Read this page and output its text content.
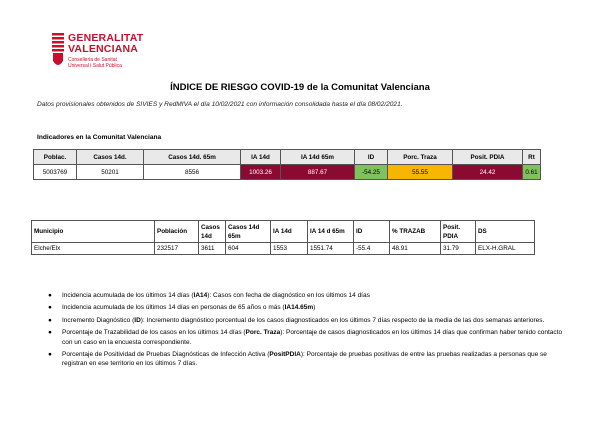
GENERALITAT
VALENCIANA
Conselleria de Sanitat
Universal i Salut Pública
ÍNDICE DE RIESGO COVID-19 de la Comunitat Valenciana
Datos provisionales obtenidos de SIVIES y RedMIVA el día 10/02/2021 con información consolidada hasta el día 08/02/2021.
Indicadores en la Comunitat Valenciana
Poblac.	Casos 14d.	Casos 14d. 65m	IA 14d	IA 14d 65m	ID	Porc. Traza	Posit. PDIA	Rt
5003769	50201	8556	1003.26	887.67	-54.25	55.55	24.42	0.61
Municipio	Población	Casos 14d	Casos 14d 65m	IA 14d	IA 14 d 65m	ID	% TRAZAB	Posit. PDIA	DS
Elche/Elx	232517	3611	604	1553	1551.74	-55.4	48.91	31.79	ELX-H.GRAL
● Incidencia acumulada de los últimos 14 días (IA14): Casos con fecha de diagnóstico en los últimos 14 días
● Incidencia acumulada de los últimos 14 días en personas de 65 años o más (IA14.65m)
● Incremento Diagnóstico (ID): Incremento diagnóstico porcentual de los casos diagnosticados en los últimos 7 días respecto de la media de las dos semanas anteriores.
● Porcentaje de Trazabilidad de los casos en los últimos 14 días (Porc. Traza): Porcentaje de casos diagnosticados en los últimos 14 días que confirman haber tenido contacto con un caso en la encuesta correspondiente.
● Porcentaje de Positividad de Pruebas Diagnósticas de Infección Activa (PositPDIA): Porcentaje de pruebas positivas de entre las pruebas realizadas a personas que se registran en ese territorio en los últimos 7 días.
